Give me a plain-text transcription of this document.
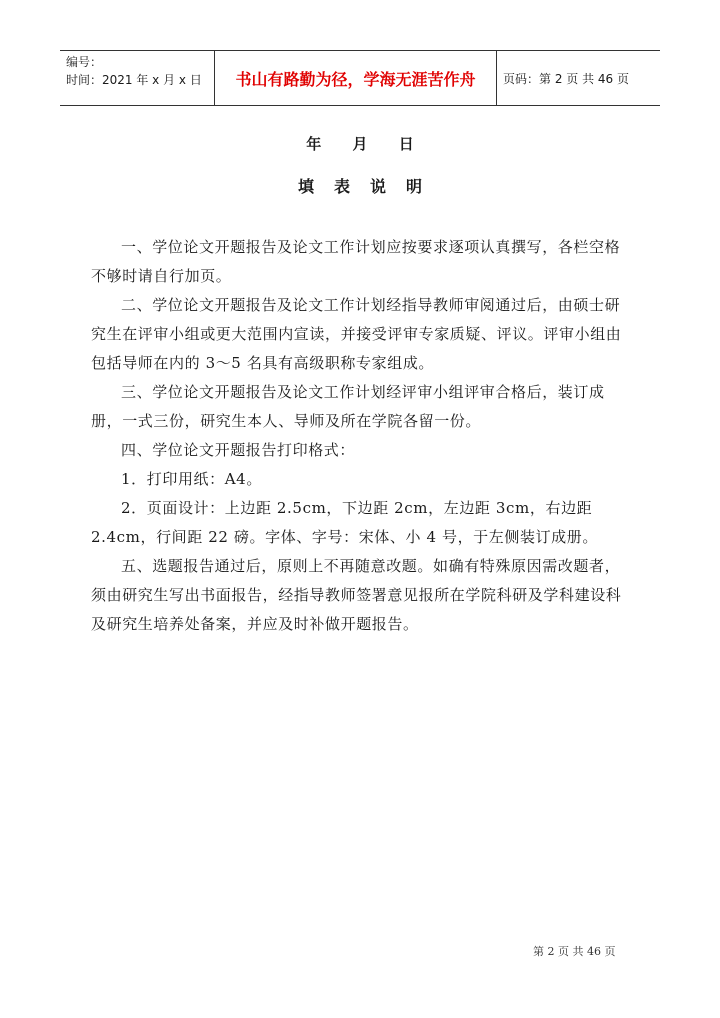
编号：
时间：2021 年 x 月 x 日	书山有路勤为径，学海无涯苦作舟 页码：第 2 页 共 46 页
年 月 日
填表说明

一、学位论文开题报告及论文工作计划应按要求逐项认真撰写，各栏空格不够时请自行加页。

二、学位论文开题报告及论文工作计划经指导教师审阅通过后，由硕士研究生在评审小组或更大范围内宣读，并接受评审专家质疑、评议。评审小组由包括导师在内的 3～5 名具有高级职称专家组成。

三、学位论文开题报告及论文工作计划经评审小组评审合格后，装订成册，一式三份，研究生本人、导师及所在学院各留一份。

四、学位论文开题报告打印格式：

1．打印用纸：A4。

2．页面设计：上边距 2.5cm，下边距 2cm，左边距 3cm，右边距 2.4cm，行间距 22 磅。字体、字号：宋体、小 4 号，于左侧装订成册。

五、选题报告通过后，原则上不再随意改题。如确有特殊原因需改题者，须由研究生写出书面报告，经指导教师签署意见报所在学院科研及学科建设科及研究生培养处备案，并应及时补做开题报告。

第 2 页 共 46 页
